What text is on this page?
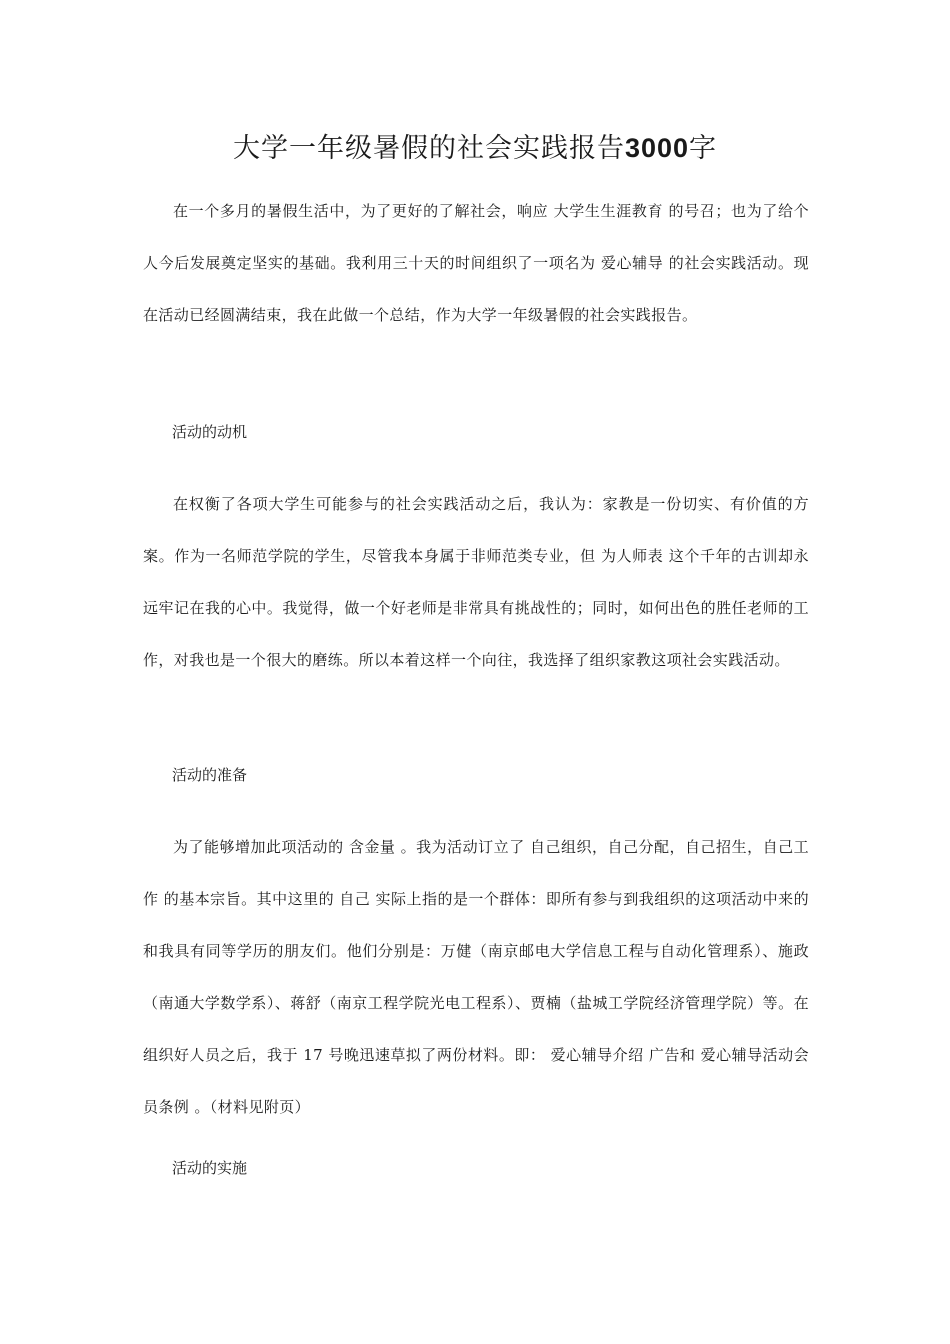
大学一年级暑假的社会实践报告3000字

在一个多月的暑假生活中，为了更好的了解社会，响应 大学生生涯教育 的号召；也为了给个人今后发展奠定坚实的基础。我利用三十天的时间组织了一项名为 爱心辅导 的社会实践活动。现在活动已经圆满结束，我在此做一个总结，作为大学一年级暑假的社会实践报告。

活动的动机

在权衡了各项大学生可能参与的社会实践活动之后，我认为：家教是一份切实、有价值的方案。作为一名师范学院的学生，尽管我本身属于非师范类专业，但 为人师表 这个千年的古训却永远牢记在我的心中。我觉得，做一个好老师是非常具有挑战性的；同时，如何出色的胜任老师的工作，对我也是一个很大的磨练。所以本着这样一个向往，我选择了组织家教这项社会实践活动。

活动的准备

为了能够增加此项活动的 含金量 。我为活动订立了 自己组织，自己分配，自己招生，自己工作 的基本宗旨。其中这里的 自己 实际上指的是一个群体：即所有参与到我组织的这项活动中来的和我具有同等学历的朋友们。他们分别是：万健（南京邮电大学信息工程与自动化管理系）、施政（南通大学数学系）、蒋舒（南京工程学院光电工程系）、贾楠（盐城工学院经济管理学院）等。在组织好人员之后，我于 17 号晚迅速草拟了两份材料。即： 爱心辅导介绍 广告和 爱心辅导活动会员条例 。（材料见附页）

活动的实施
